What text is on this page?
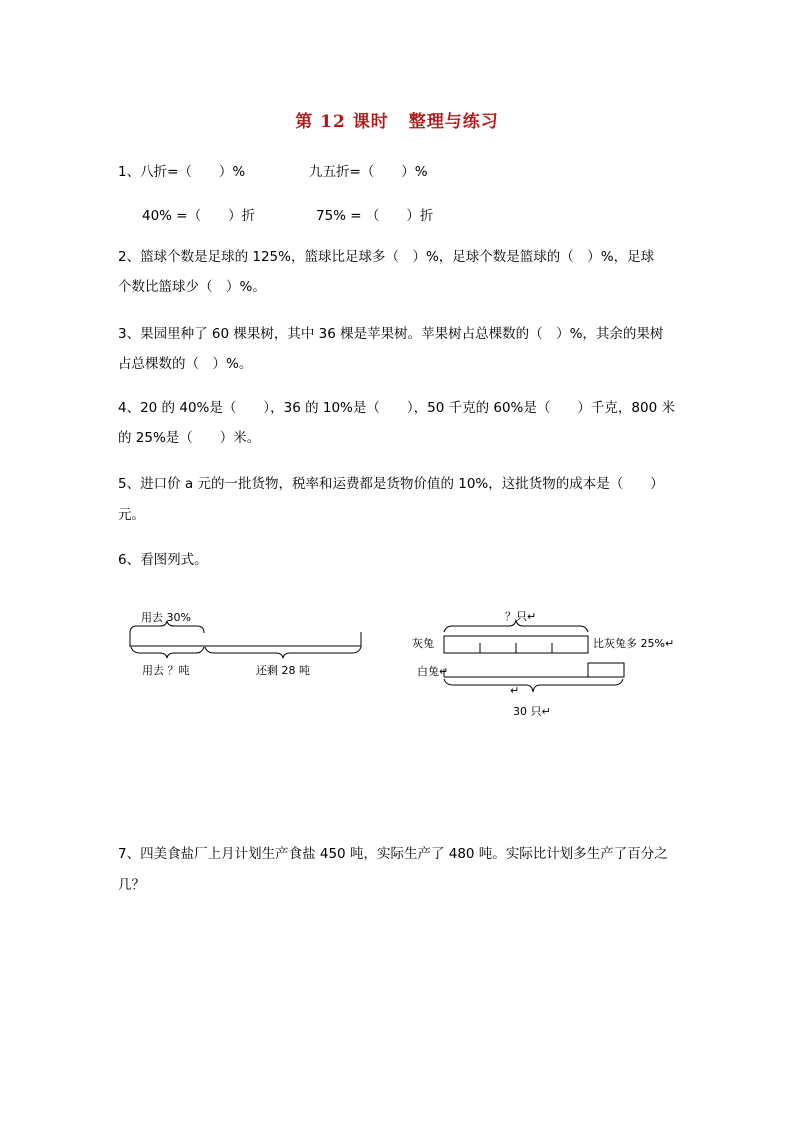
第 12 课时 整理与练习
1、八折=（　　）%	九五折=（　　）%
40% =（　　）折	75% = （　　）折
2、篮球个数是足球的 125%，篮球比足球多（　）%，足球个数是篮球的（　）%，足球
个数比篮球少（　）%。
3、果园里种了 60 棵果树，其中 36 棵是苹果树。苹果树占总棵数的（　）%，其余的果树
占总棵数的（　）%。
4、20 的 40%是（　　），36 的 10%是（　　），50 千克的 60%是（　　）千克，800 米
的 25%是（　　）米。
5、进口价 a 元的一批货物，税率和运费都是货物价值的 10%，这批货物的成本是（　　）
元。
6、看图列式。
用去 30%
用去 ？吨	还剩 28 吨
？只↵
灰兔	比灰兔多 25%↵
白兔↵
↵
30 只↵
7、四美食盐厂上月计划生产食盐 450 吨，实际生产了 480 吨。实际比计划多生产了百分之
几？
